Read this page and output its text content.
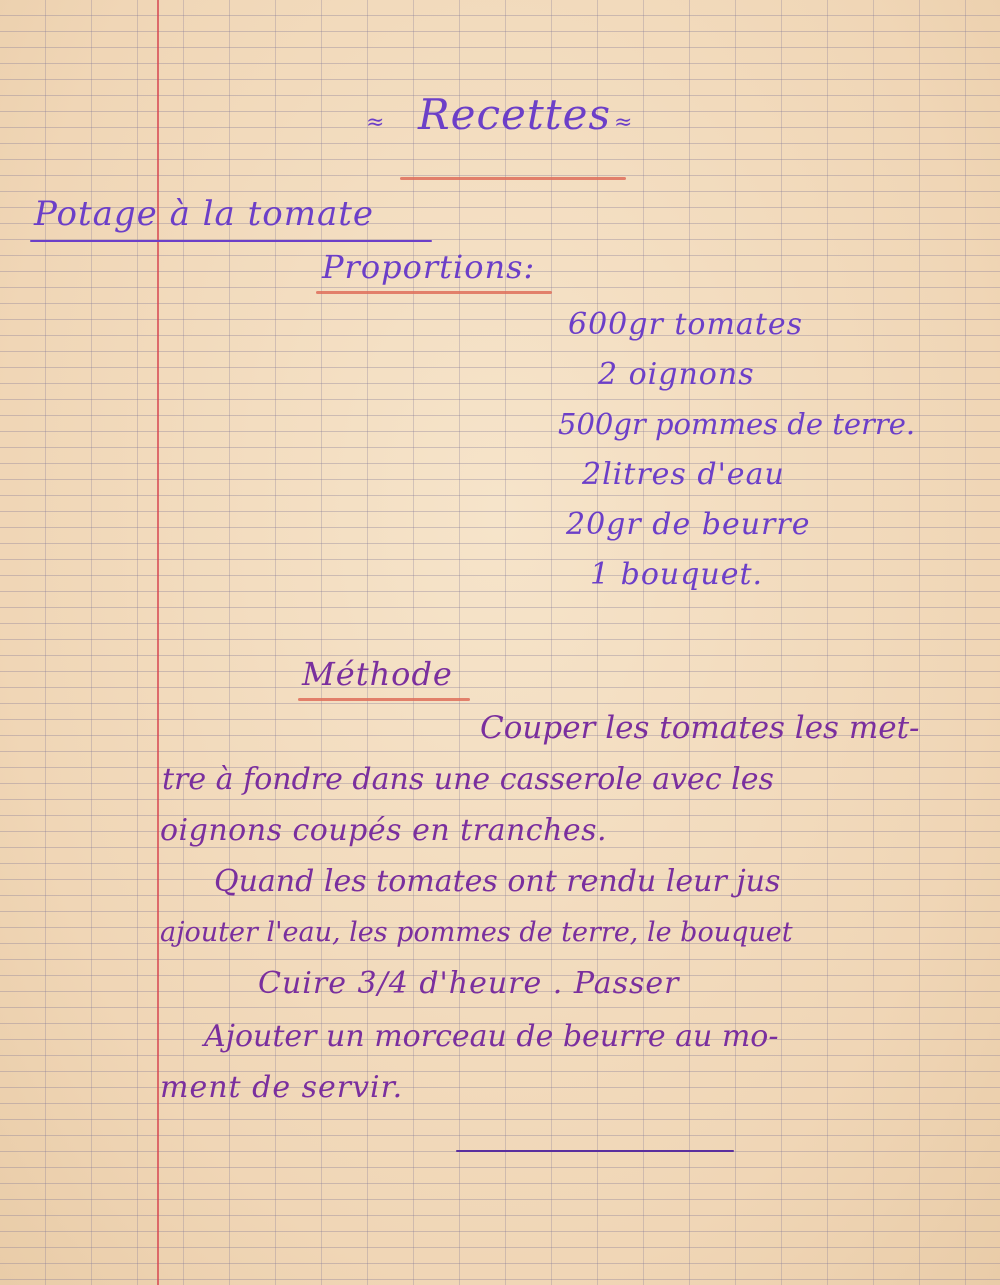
≈ Recettes ≈
Potage à la tomate
Proportions:
600gr tomates
2 oignons
500gr pommes de terre.
2litres d'eau
20gr de beurre
1 bouquet.
Méthode
Couper les tomates les met-
tre à fondre dans une casserole avec les
oignons coupés en tranches.
Quand les tomates ont rendu leur jus
ajouter l'eau, les pommes de terre, le bouquet
Cuire 3/4 d'heure . Passer
Ajouter un morceau de beurre au mo-
ment de servir.
